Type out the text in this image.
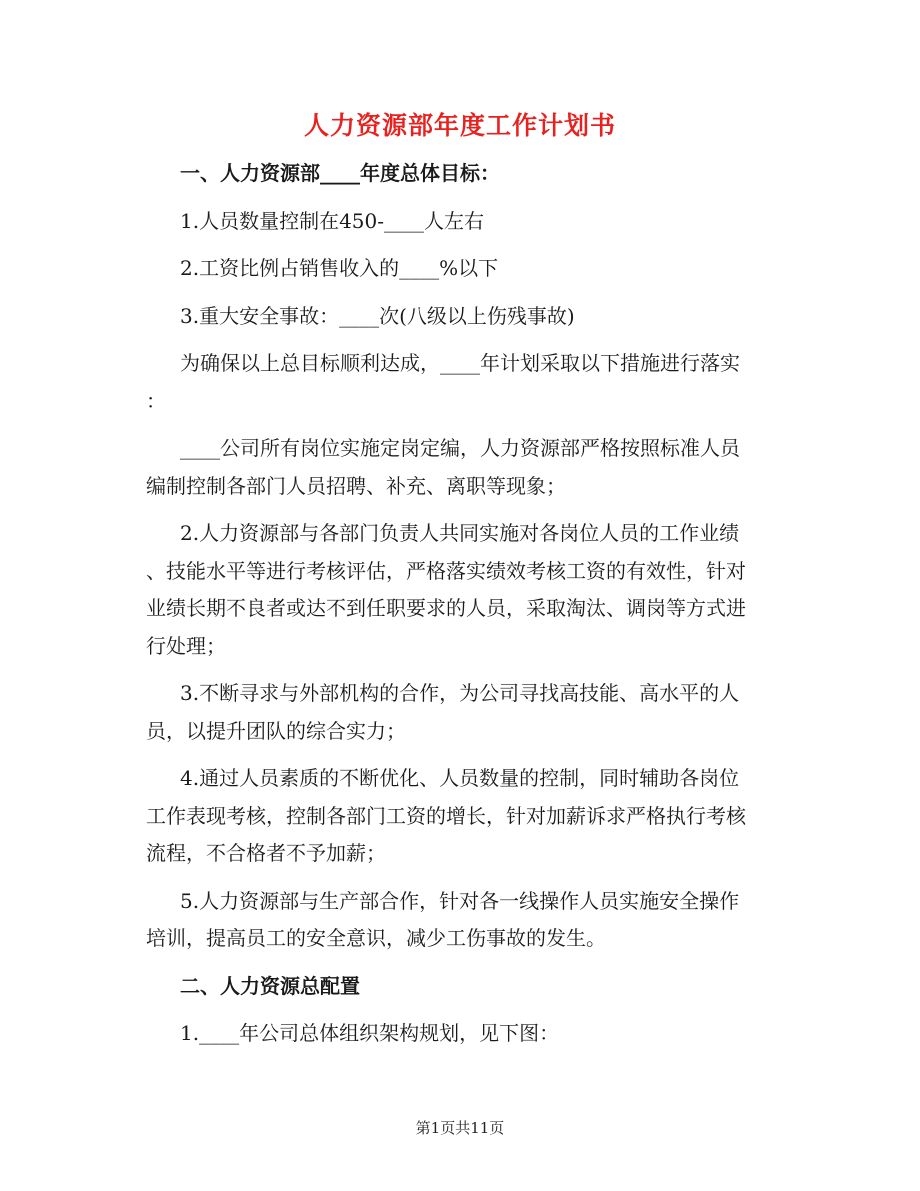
人力资源部年度工作计划书

一、人力资源部____年度总体目标：

1.人员数量控制在450-____人左右

2.工资比例占销售收入的____%以下

3.重大安全事故：____次(八级以上伤残事故)

为确保以上总目标顺利达成，____年计划采取以下措施进行落实

：

____公司所有岗位实施定岗定编，人力资源部严格按照标准人员

编制控制各部门人员招聘、补充、离职等现象；

2.人力资源部与各部门负责人共同实施对各岗位人员的工作业绩

、技能水平等进行考核评估，严格落实绩效考核工资的有效性，针对

业绩长期不良者或达不到任职要求的人员，采取淘汰、调岗等方式进

行处理；

3.不断寻求与外部机构的合作，为公司寻找高技能、高水平的人

员，以提升团队的综合实力；

4.通过人员素质的不断优化、人员数量的控制，同时辅助各岗位

工作表现考核，控制各部门工资的增长，针对加薪诉求严格执行考核

流程，不合格者不予加薪；

5.人力资源部与生产部合作，针对各一线操作人员实施安全操作

培训，提高员工的安全意识，减少工伤事故的发生。

二、人力资源总配置

1.____年公司总体组织架构规划，见下图：

第1页共11页
